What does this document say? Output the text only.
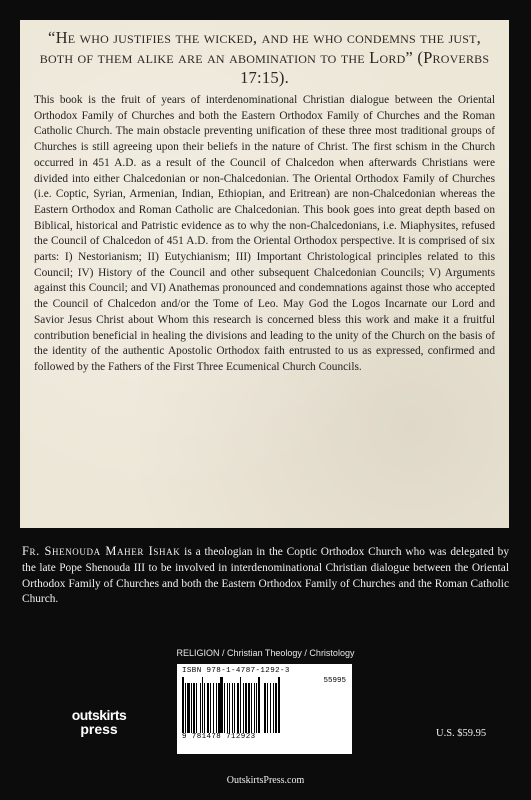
“He who justifies the wicked, and he who condemns the just, both of them alike are an abomination to the Lord” (Proverbs 17:15).

This book is the fruit of years of interdenominational Christian dialogue between the Oriental Orthodox Family of Churches and both the Eastern Orthodox Family of Churches and the Roman Catholic Church. The main obstacle preventing unification of these three most traditional groups of Churches is still agreeing upon their beliefs in the nature of Christ. The first schism in the Church occurred in 451 A.D. as a result of the Council of Chalcedon when afterwards Christians were divided into either Chalcedonian or non-Chalcedonian. The Oriental Orthodox Family of Churches (i.e. Coptic, Syrian, Armenian, Indian, Ethiopian, and Eritrean) are non-Chalcedonian whereas the Eastern Orthodox and Roman Catholic are Chalcedonian. This book goes into great depth based on Biblical, historical and Patristic evidence as to why the non-Chalcedonians, i.e. Miaphysites, refused the Council of Chalcedon of 451 A.D. from the Oriental Orthodox perspective. It is comprised of six parts: I) Nestorianism; II) Eutychianism; III) Important Christological principles related to this Council; IV) History of the Council and other subsequent Chalcedonian Councils; V) Arguments against this Council; and VI) Anathemas pronounced and condemnations against those who accepted the Council of Chalcedon and/or the Tome of Leo. May God the Logos Incarnate our Lord and Savior Jesus Christ about Whom this research is concerned bless this work and make it a fruitful contribution beneficial in healing the divisions and leading to the unity of the Church on the basis of the identity of the authentic Apostolic Orthodox faith entrusted to us as expressed, confirmed and followed by the Fathers of the First Three Ecumenical Church Councils.

Fr. Shenouda Maher Ishak is a theologian in the Coptic Orthodox Church who was delegated by the late Pope Shenouda III to be involved in interdenominational Christian dialogue between the Oriental Orthodox Family of Churches and both the Eastern Orthodox Family of Churches and the Roman Catholic Church.

RELIGION / Christian Theology / Christology
ISBN 978-1-4787-1292-3
55995
9 781478 712923
outskirts
press	U.S. $59.95
OutskirtsPress.com
